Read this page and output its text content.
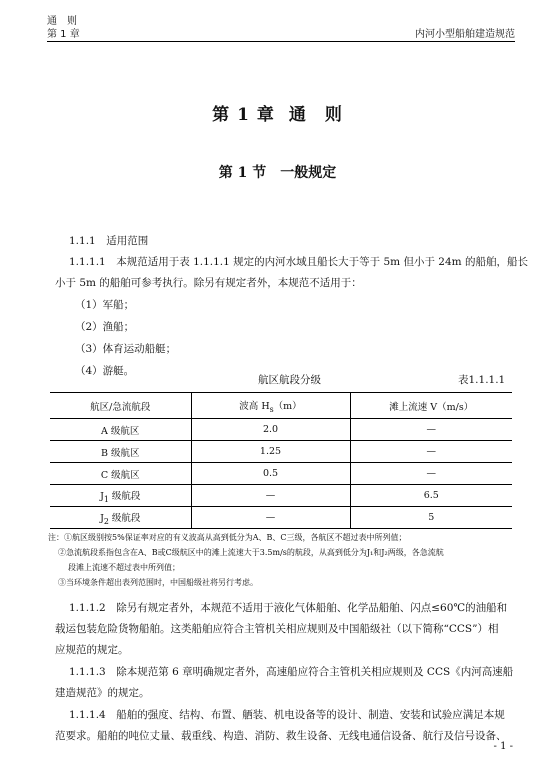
通　则
第 1 章	内河小型船舶建造规范
第 1 章 通　则
第 1 节 一般规定
1.1.1　适用范围
1.1.1.1　本规范适用于表 1.1.1.1 规定的内河水域且船长大于等于 5m 但小于 24m 的船舶，船长
小于 5m 的船舶可参考执行。除另有规定者外，本规范不适用于：
（1）军船；
（2）渔船；
（3）体育运动船艇；
（4）游艇。
航区航段分级	表1.1.1.1
航区/急流航段	波高 $H_s(m)$	滩上流速 V（m/s）
A 级航区	2.0	—
B 级航区	1.25	—
C 级航区	0.5	—
$J_1$ 级航段	—	6.5
$J_2$ 级航段	—	5
注：①航区级别按5%保证率对应的有义波高从高到低分为A、B、C三级，各航区不超过表中所列值；
②急流航段系指包含在A、B或C级航区中的滩上流速大于3.5m/s的航段，从高到低分为J₁和J₂两级，各急流航
段滩上流速不超过表中所列值；
③当环境条件超出表列范围时，中国船级社将另行考虑。
1.1.1.2　除另有规定者外，本规范不适用于液化气体船舶、化学品船舶、闪点≤60℃的油船和
载运包装危险货物船舶。这类船舶应符合主管机关相应规则及中国船级社（以下简称“CCS”）相
应规范的规定。
1.1.1.3　除本规范第 6 章明确规定者外，高速船应符合主管机关相应规则及 CCS《内河高速船
建造规范》的规定。
1.1.1.4　船舶的强度、结构、布置、舾装、机电设备等的设计、制造、安装和试验应满足本规
范要求。船舶的吨位丈量、载重线、构造、消防、救生设备、无线电通信设备、航行及信号设备、
- 1 -
